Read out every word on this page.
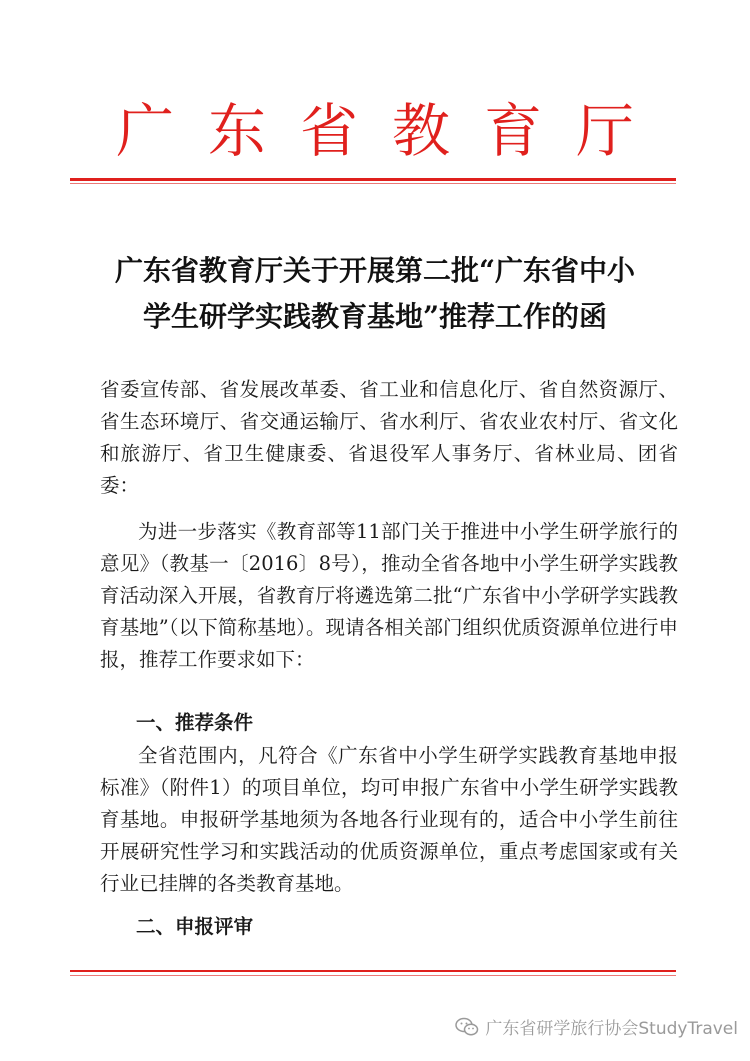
广东省教育厅
广东省教育厅关于开展第二批“广东省中小
学生研学实践教育基地”推荐工作的函
省委宣传部、省发展改革委、省工业和信息化厅、省自然资源厅、省生态环境厅、省交通运输厅、省水利厅、省农业农村厅、省文化和旅游厅、省卫生健康委、省退役军人事务厅、省林业局、团省委：
为进一步落实《教育部等11部门关于推进中小学生研学旅行的意见》（教基一〔2016〕8号），推动全省各地中小学生研学实践教育活动深入开展，省教育厅将遴选第二批“广东省中小学研学实践教育基地”（以下简称基地）。现请各相关部门组织优质资源单位进行申报，推荐工作要求如下：
一、推荐条件
全省范围内，凡符合《广东省中小学生研学实践教育基地申报标准》（附件1）的项目单位，均可申报广东省中小学生研学实践教育基地。申报研学基地须为各地各行业现有的，适合中小学生前往开展研究性学习和实践活动的优质资源单位，重点考虑国家或有关行业已挂牌的各类教育基地。
二、申报评审
广东省研学旅行协会StudyTravel
